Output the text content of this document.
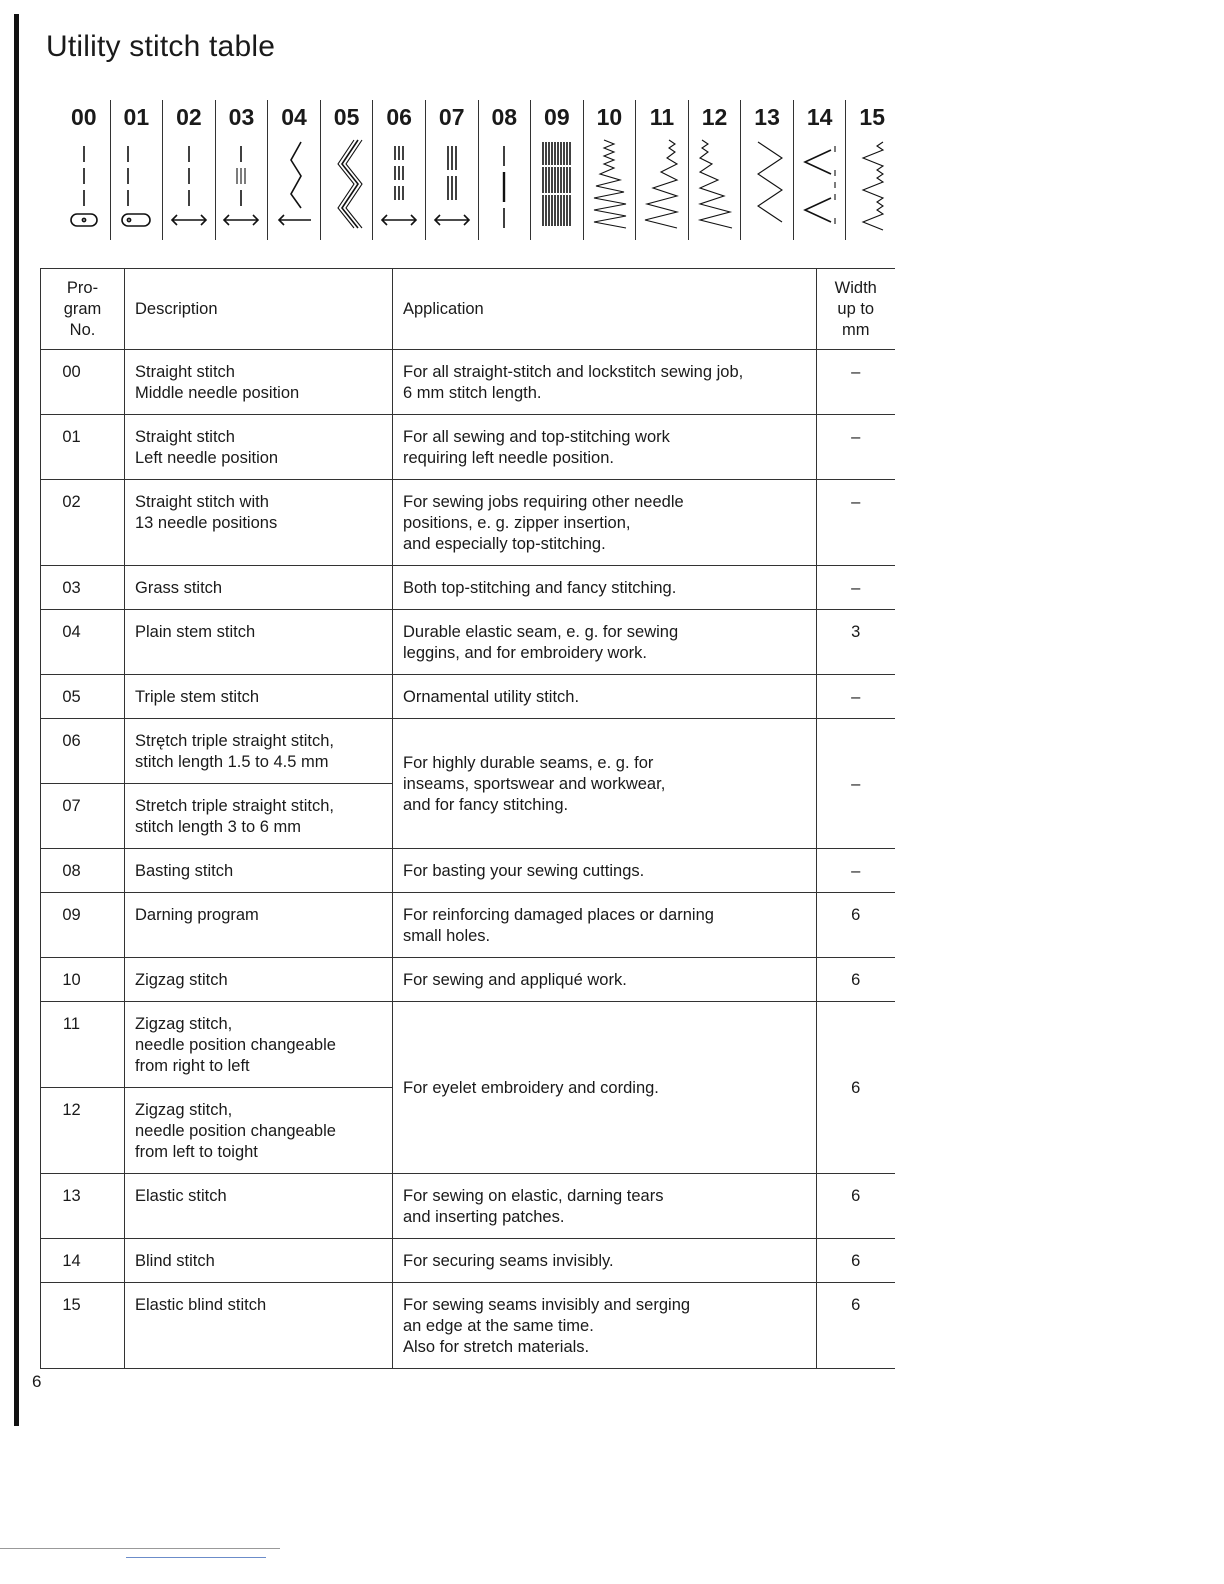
Utility stitch table
00 01 02 03 04 05 06 07 08 09 10 11 12 13 14 15
Pro-
gram
No.	Description	Application	Width
up to
mm
00	Straight stitch
Middle needle position	For all straight-stitch and lockstitch sewing job,
6 mm stitch length.	–
01	Straight stitch
Left needle position	For all sewing and top-stitching work
requiring left needle position.	–
02	Straight stitch with
13 needle positions	For sewing jobs requiring other needle
positions, e. g. zipper insertion,
and especially top-stitching.	–
03	Grass stitch	Both top-stitching and fancy stitching.	–
04	Plain stem stitch	Durable elastic seam, e. g. for sewing
leggins, and for embroidery work.	3
05	Triple stem stitch	Ornamental utility stitch.	–
06	Strętch triple straight stitch,
stitch length 1.5 to 4.5 mm	For highly durable seams, e. g. for
inseams, sportswear and workwear,
and for fancy stitching.	–
07	Stretch triple straight stitch,
stitch length 3 to 6 mm		

08	Basting stitch	For basting your sewing cuttings.	–
09	Darning program	For reinforcing damaged places or darning
small holes.	6
10	Zigzag stitch	For sewing and appliqué work.	6
11	Zigzag stitch,
needle position changeable
from right to left	For eyelet embroidery and cording.	6
12	Zigzag stitch,
needle position changeable
from left to toight		

13	Elastic stitch	For sewing on elastic, darning tears
and inserting patches.	6
14	Blind stitch	For securing seams invisibly.	6
15	Elastic blind stitch	For sewing seams invisibly and serging
an edge at the same time.
Also for stretch materials.	6
6
